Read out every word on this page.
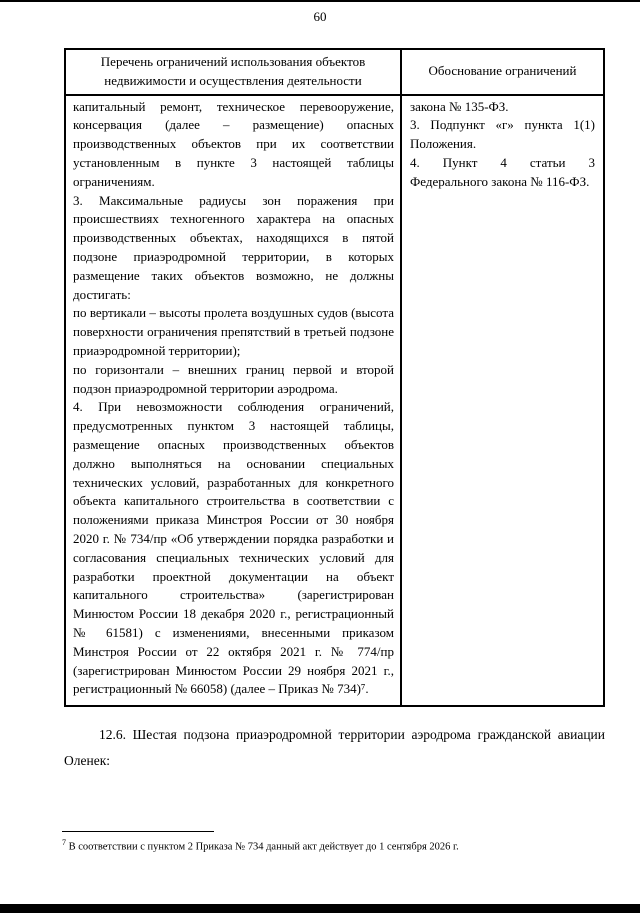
60
Перечень ограничений использования объектов недвижимости и осуществления деятельности
Обоснование ограничений

капитальный ремонт, техническое перевооружение, консервация (далее – размещение) опасных производственных объектов при их соответствии установленным в пункте 3 настоящей таблицы ограничениям.

3. Максимальные радиусы зон поражения при происшествиях техногенного характера на опасных производственных объектах, находящихся в пятой подзоне приаэродромной территории, в которых размещение таких объектов возможно, не должны достигать:

по вертикали – высоты пролета воздушных судов (высота поверхности ограничения препятствий в третьей подзоне приаэродромной территории);

по горизонтали – внешних границ первой и второй подзон приаэродромной территории аэродрома.

4. При невозможности соблюдения ограничений, предусмотренных пунктом 3 настоящей таблицы, размещение опасных производственных объектов должно выполняться на основании специальных технических условий, разработанных для конкретного объекта капитального строительства в соответствии с положениями приказа Минстроя России от 30 ноября 2020 г. № 734/пр «Об утверждении порядка разработки и согласования специальных технических условий для разработки проектной документации на объект капитального строительства» (зарегистрирован Минюстом России 18 декабря 2020 г., регистрационный № 61581) с изменениями, внесенными приказом Минстроя России от 22 октября 2021 г. № 774/пр (зарегистрирован Минюстом России 29 ноября 2021 г., регистрационный № 66058) (далее – Приказ № 734)⁷.

закона № 135-ФЗ.

3. Подпункт «г» пункта 1(1) Положения.

4. Пункт 4 статьи 3 Федерального закона № 116-ФЗ.

12.6. Шестая подзона приаэродромной территории аэродрома гражданской авиации Оленек:

$^7$ В соответствии с пунктом 2 Приказа № 734 данный акт действует до 1 сентября 2026 г.
